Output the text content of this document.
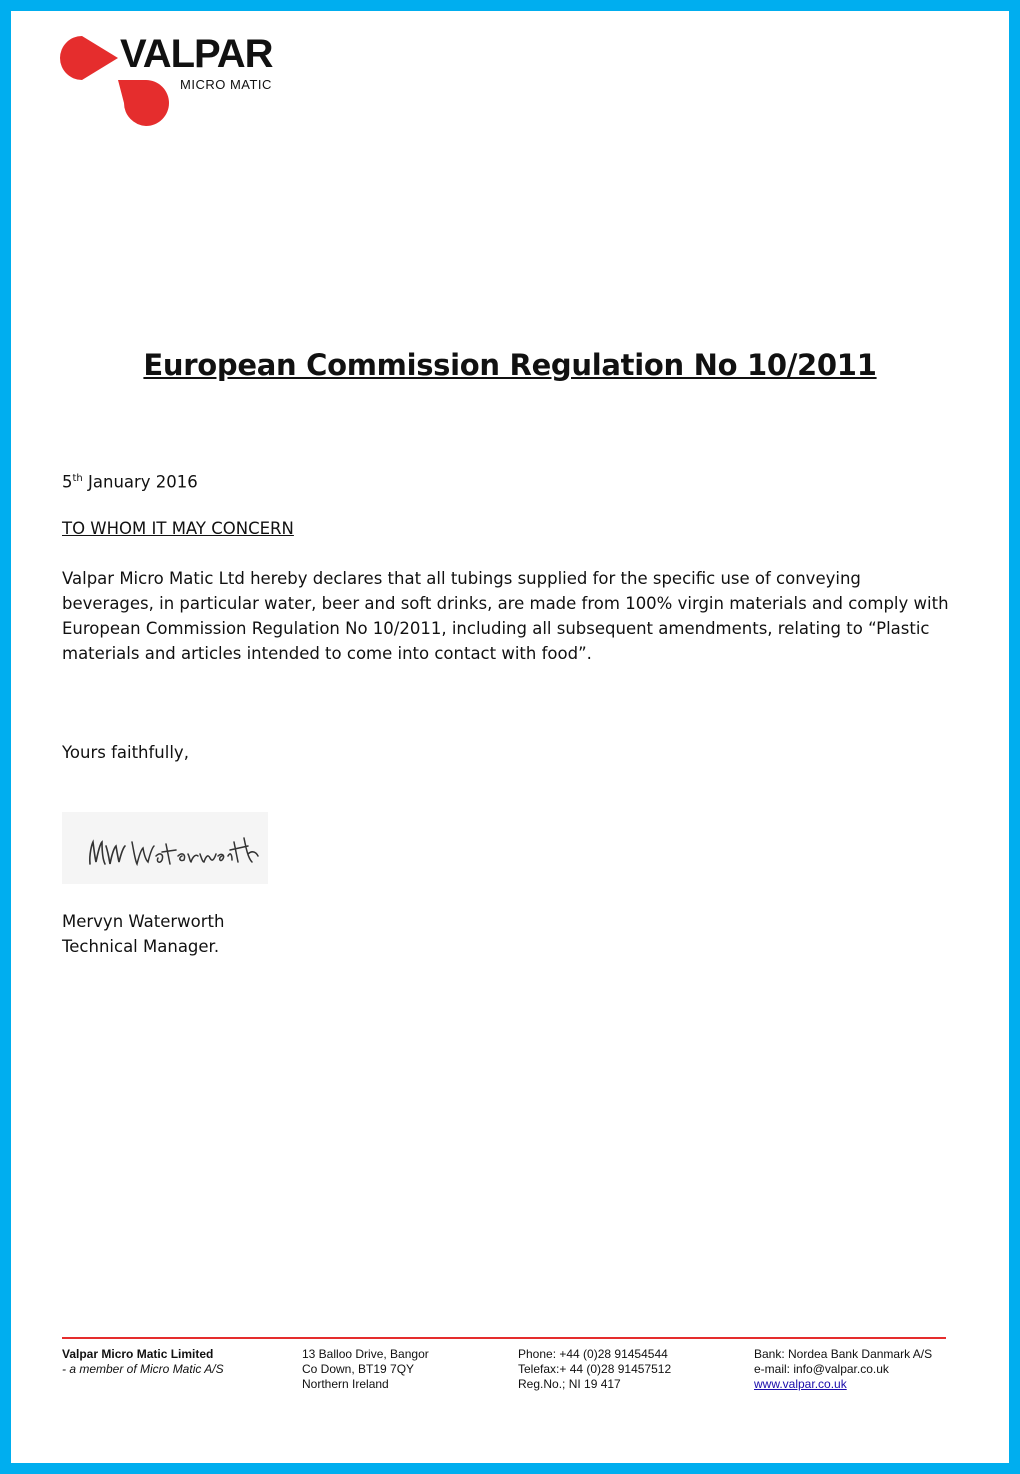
VALPAR
MICRO MATIC
European Commission Regulation No 10/2011
5th January 2016
TO WHOM IT MAY CONCERN
Valpar Micro Matic Ltd hereby declares that all tubings supplied for the specific use of conveying
beverages, in particular water, beer and soft drinks, are made from 100% virgin materials and comply with
European Commission Regulation No 10/2011, including all subsequent amendments, relating to “Plastic
materials and articles intended to come into contact with food”.
Yours faithfully,
Mervyn Waterworth
Technical Manager.
Valpar Micro Matic Limited
- a member of Micro Matic A/S
13 Balloo Drive, Bangor
Co Down, BT19 7QY
Northern Ireland
Phone: +44 (0)28 91454544
Telefax:+ 44 (0)28 91457512
Reg.No.; NI 19 417
Bank: Nordea Bank Danmark A/S
e-mail: info@valpar.co.uk
www.valpar.co.uk
